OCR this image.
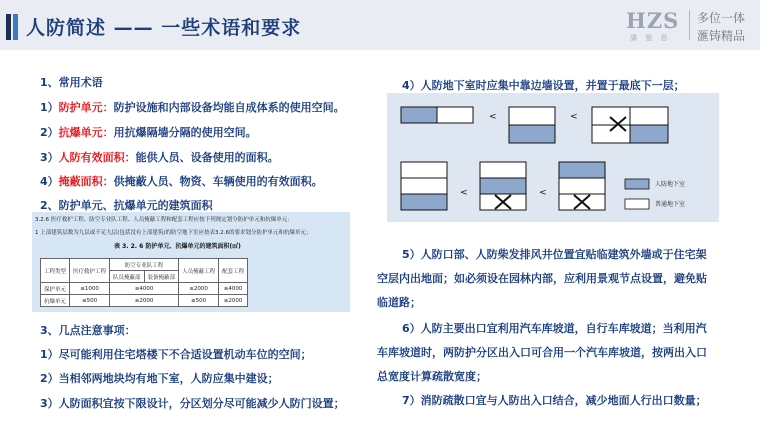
人防简述 —— 一些术语和要求	HZS
譑 張 思
多位一体
滙铸精品
1、常用术语
1）防护单元：防护设施和内部设备均能自成体系的使用空间。
2）抗爆单元：用抗爆隔墙分隔的使用空间。
3）人防有效面积：能供人员、设备使用的面积。
4）掩蔽面积：供掩蔽人员、物资、车辆使用的有效面积。
2、防护单元、抗爆单元的建筑面积
3.2.6 医疗救护工程、防空专业队工程、人员掩蔽工程和配套工程应按下列规定划分防护单元和抗爆单元：
1 上部建筑层数为九层或不足九层(包括没有上部建筑)的防空地下室应按表3.2.6的要求划分防护单元和抗爆单元；
表 3. 2. 6 防护单元、抗爆单元的建筑面积(㎡)
工程类型	医疗救护工程	防空专业队工程		人员掩蔽工程	配套工程
		队员掩蔽部	装备掩蔽部		
保护单元	≤1000	≤4000		≤2000	≤4000
抗爆单元	≤500	≤2000		≤500	≤2000
3、几点注意事项：
1）尽可能利用住宅塔楼下不合适设置机动车位的空间；
2）当相邻两地块均有地下室，人防应集中建设；
3）人防面积宜按下限设计，分区划分尽可能减少人防门设置；
4）人防地下室时应集中靠边墙设置，并置于最底下一层；
<	<
<	<
人防地下室
普通地下室
5）人防口部、人防柴发排风井位置宜贴临建筑外墙或于住宅架
空层内出地面；如必须设在园林内部，应利用景观节点设置，避免贴
临道路；
6）人防主要出口宜利用汽车库坡道，自行车库坡道；当利用汽
车库坡道时，两防护分区出入口可合用一个汽车库坡道，按两出入口
总宽度计算疏散宽度；
7）消防疏散口宜与人防出入口结合，减少地面人行出口数量；
